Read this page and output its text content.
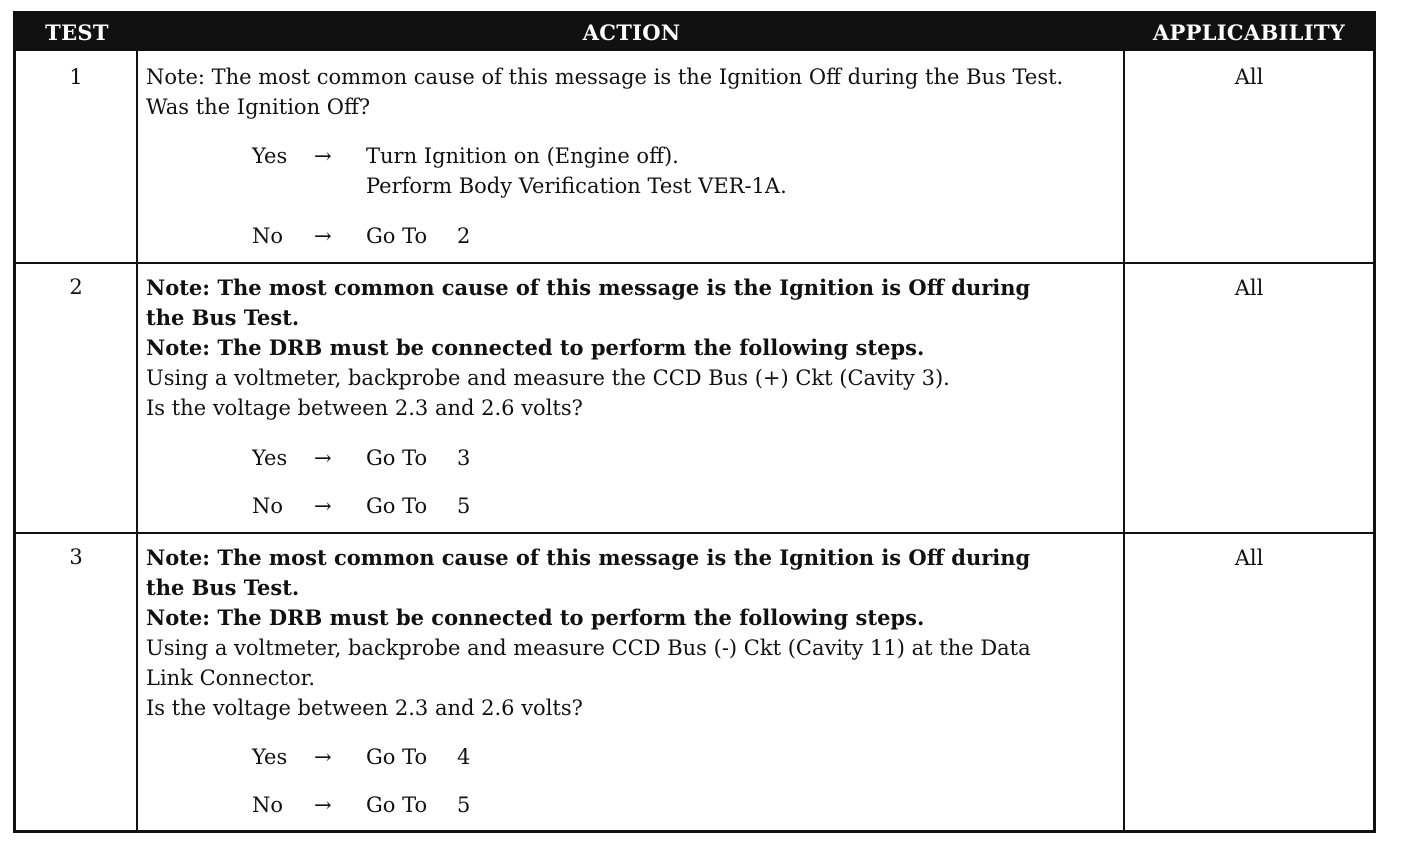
TEST	ACTION	APPLICABILITY
1	Note: The most common cause of this message is the Ignition Off during the Bus Test.
Was the Ignition Off?
Yes → Turn Ignition on (Engine off).
Perform Body Verification Test VER-1A.
No → Go To 2
All
2	Note: The most common cause of this message is the Ignition is Off during
the Bus Test.
Note: The DRB must be connected to perform the following steps.
Using a voltmeter, backprobe and measure the CCD Bus (+) Ckt (Cavity 3).
Is the voltage between 2.3 and 2.6 volts?
Yes → Go To 3
No → Go To 5
All
3	Note: The most common cause of this message is the Ignition is Off during
the Bus Test.
Note: The DRB must be connected to perform the following steps.
Using a voltmeter, backprobe and measure CCD Bus (-) Ckt (Cavity 11) at the Data
Link Connector.
Is the voltage between 2.3 and 2.6 volts?
Yes → Go To 4
No → Go To 5
All
